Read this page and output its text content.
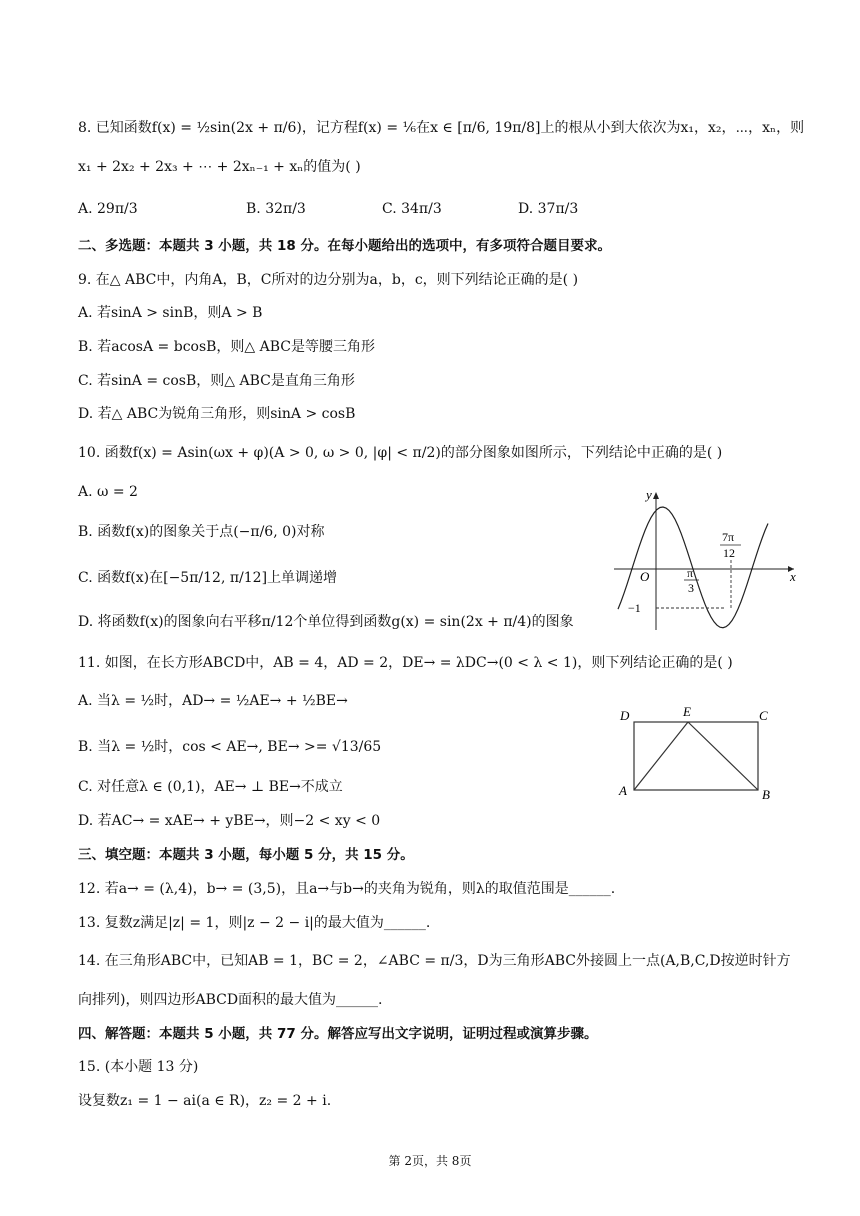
8. 已知函数f(x) = ½sin(2x + π/6)，记方程f(x) = ⅙在x ∈ [π/6, 19π/8]上的根从小到大依次为x₁，x₂，⋯，xₙ，则
x₁ + 2x₂ + 2x₃ + ⋯ + 2xₙ₋₁ + xₙ的值为( )
A. 29π/3	B. 32π/3	C. 34π/3	D. 37π/3
二、多选题：本题共 3 小题，共 18 分。在每小题给出的选项中，有多项符合题目要求。
9. 在△ ABC中，内角A，B，C所对的边分别为a，b，c，则下列结论正确的是( )
A. 若sinA > sinB，则A > B
B. 若acosA = bcosB，则△ ABC是等腰三角形
C. 若sinA = cosB，则△ ABC是直角三角形
D. 若△ ABC为锐角三角形，则sinA > cosB
10. 函数f(x) = Asin(ωx + φ)(A > 0, ω > 0, |φ| < π/2)的部分图象如图所示，下列结论中正确的是( )
A. ω = 2
B. 函数f(x)的图象关于点(−π/6, 0)对称
C. 函数f(x)在[−5π/12, π/12]上单调递增
D. 将函数f(x)的图象向右平移π/12个单位得到函数g(x) = sin(2x + π/4)的图象
y
x
O	π
3
7π
12
−1
11. 如图，在长方形ABCD中，AB = 4，AD = 2，DE→ = λDC→(0 < λ < 1)，则下列结论正确的是( )
A. 当λ = ½时，AD→ = ½AE→ + ½BE→
B. 当λ = ½时，cos < AE→, BE→ >= √13/65
C. 对任意λ ∈ (0,1)，AE→ ⊥ BE→不成立
D. 若AC→ = xAE→ + yBE→，则−2 < xy < 0
D	E	C
A	B
三、填空题：本题共 3 小题，每小题 5 分，共 15 分。
12. 若a→ = (λ,4)，b→ = (3,5)，且a→与b→的夹角为锐角，则λ的取值范围是______.
13. 复数z满足|z| = 1，则|z − 2 − i|的最大值为______.
14. 在三角形ABC中，已知AB = 1，BC = 2，∠ABC = π/3，D为三角形ABC外接圆上一点(A,B,C,D按逆时针方
向排列)，则四边形ABCD面积的最大值为______.
四、解答题：本题共 5 小题，共 77 分。解答应写出文字说明，证明过程或演算步骤。
15. (本小题 13 分)
设复数z₁ = 1 − ai(a ∈ R)，z₂ = 2 + i.
第 2页，共 8页
